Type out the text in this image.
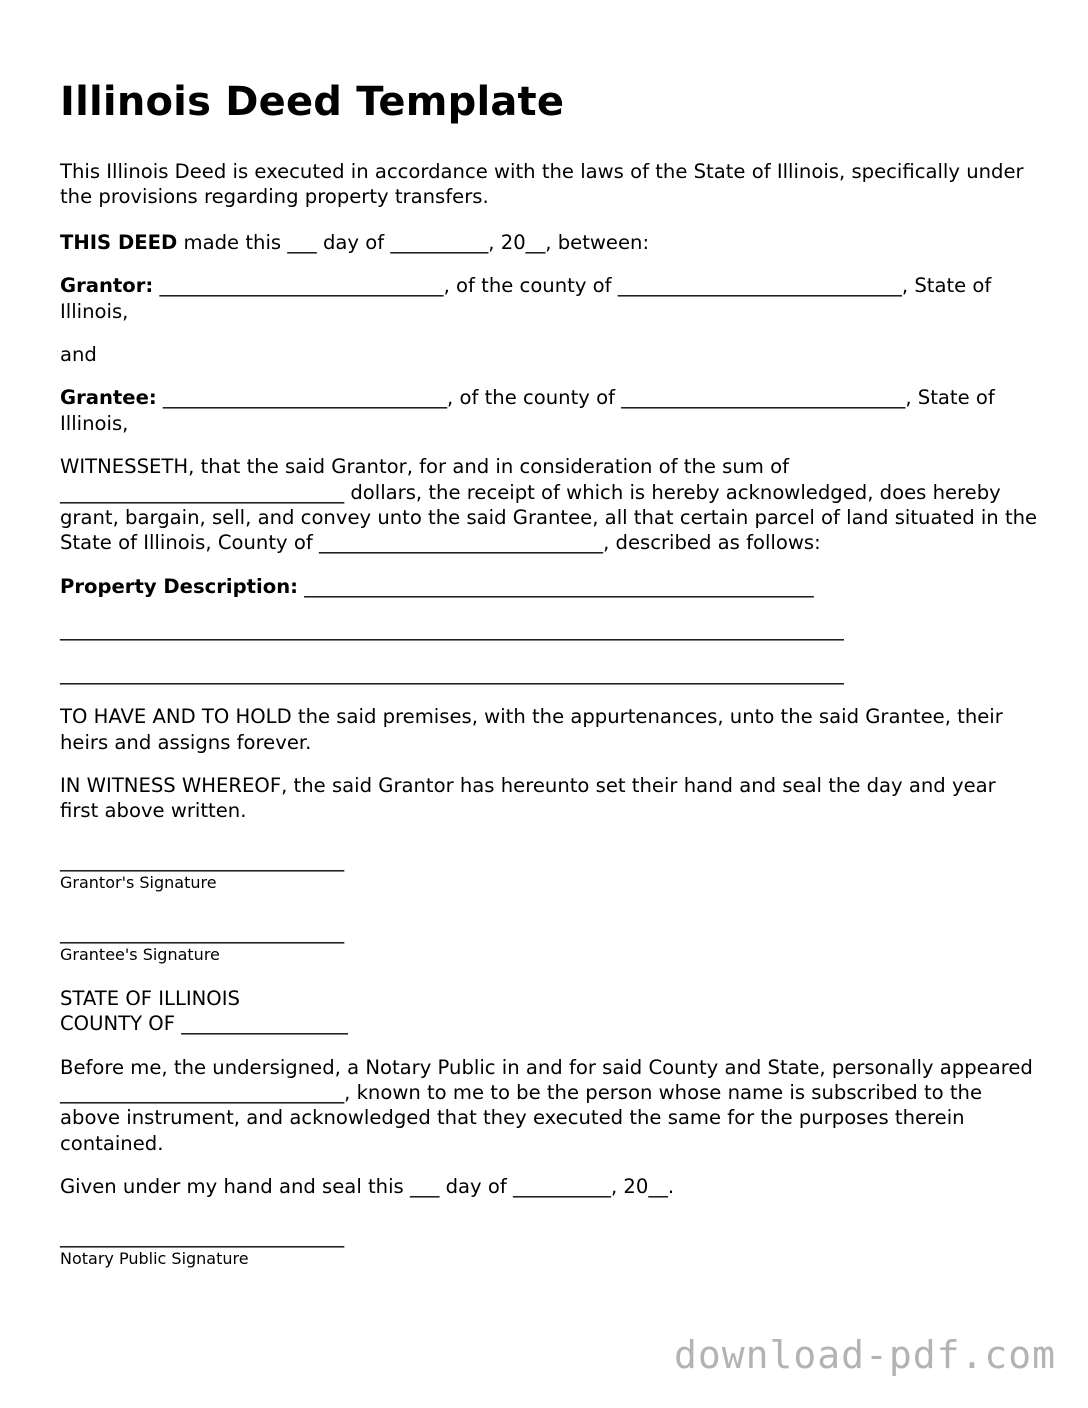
Illinois Deed Template

This Illinois Deed is executed in accordance with the laws of the State of Illinois, specifically under the provisions regarding property transfers.

THIS DEED made this ___ day of __________, 20__, between:

Grantor: _____________________________, of the county of _____________________________, State of Illinois,

and

Grantee: _____________________________, of the county of _____________________________, State of Illinois,

WITNESSETH, that the said Grantor, for and in consideration of the sum of _____________________________ dollars, the receipt of which is hereby acknowledged, does hereby grant, bargain, sell, and convey unto the said Grantee, all that certain parcel of land situated in the State of Illinois, County of _____________________________, described as follows:

Property Description: ____________________________________________________

________________________________________________________________________________

________________________________________________________________________________

TO HAVE AND TO HOLD the said premises, with the appurtenances, unto the said Grantee, their heirs and assigns forever.

IN WITNESS WHEREOF, the said Grantor has hereunto set their hand and seal the day and year first above written.

_____________________________
Grantor's Signature
_____________________________
Grantee's Signature

STATE OF ILLINOIS
COUNTY OF _________________

Before me, the undersigned, a Notary Public in and for said County and State, personally appeared _____________________________, known to me to be the person whose name is subscribed to the above instrument, and acknowledged that they executed the same for the purposes therein contained.

Given under my hand and seal this ___ day of __________, 20__.

_____________________________
Notary Public Signature
download-pdf.com
